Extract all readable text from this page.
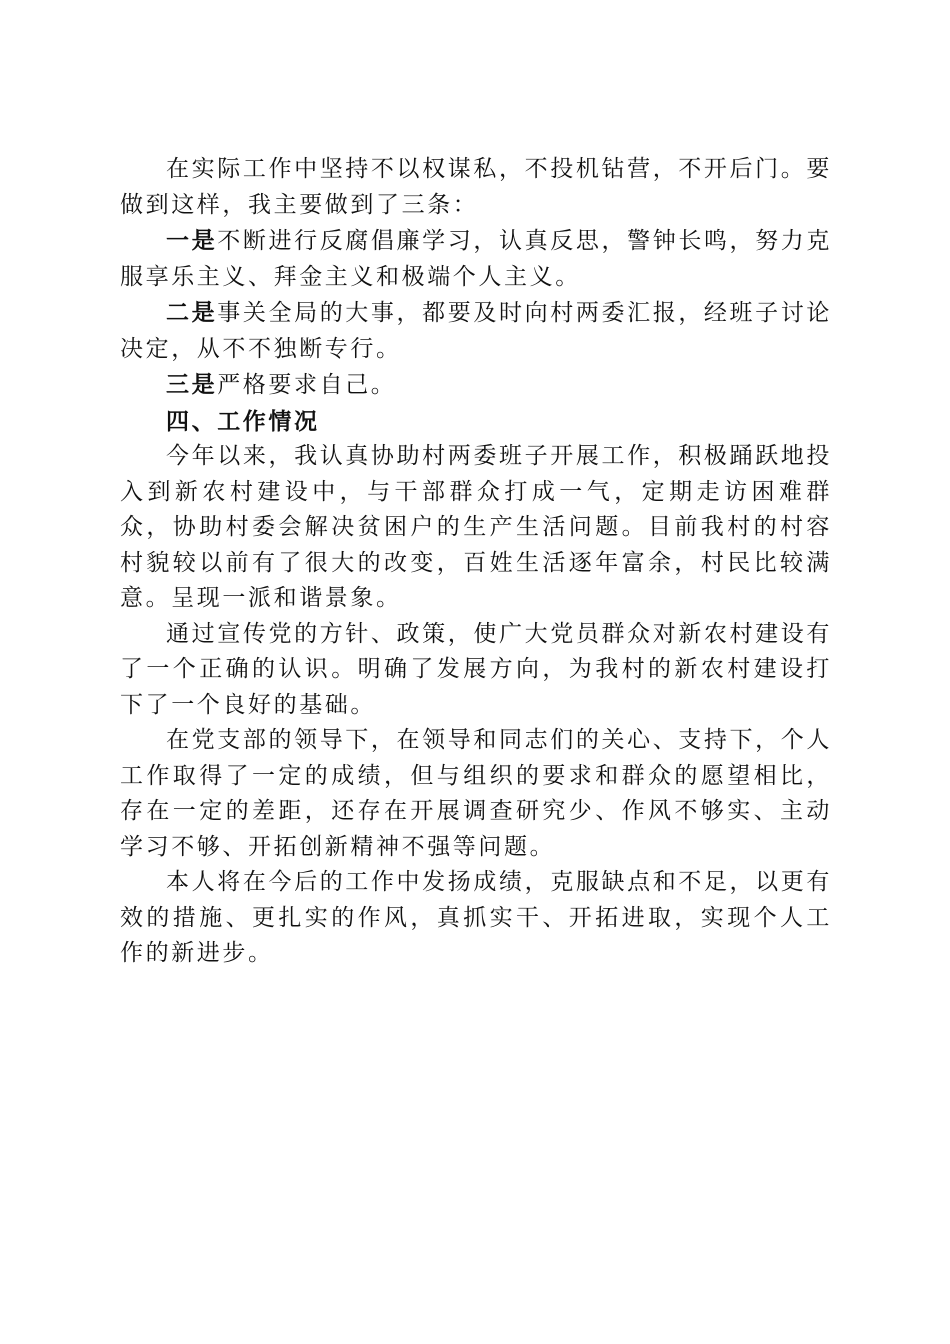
在实际工作中坚持不以权谋私，不投机钻营，不开后门。要做到这样，我主要做到了三条：

一是不断进行反腐倡廉学习，认真反思，警钟长鸣，努力克服享乐主义、拜金主义和极端个人主义。

二是事关全局的大事，都要及时向村两委汇报，经班子讨论决定，从不不独断专行。

三是严格要求自己。

四、工作情况

今年以来，我认真协助村两委班子开展工作，积极踊跃地投入到新农村建设中，与干部群众打成一气，定期走访困难群众，协助村委会解决贫困户的生产生活问题。目前我村的村容村貌较以前有了很大的改变，百姓生活逐年富余，村民比较满意。呈现一派和谐景象。

通过宣传党的方针、政策，使广大党员群众对新农村建设有了一个正确的认识。明确了发展方向，为我村的新农村建设打下了一个良好的基础。

在党支部的领导下，在领导和同志们的关心、支持下，个人工作取得了一定的成绩，但与组织的要求和群众的愿望相比，存在一定的差距，还存在开展调查研究少、作风不够实、主动学习不够、开拓创新精神不强等问题。

本人将在今后的工作中发扬成绩，克服缺点和不足，以更有效的措施、更扎实的作风，真抓实干、开拓进取，实现个人工作的新进步。
